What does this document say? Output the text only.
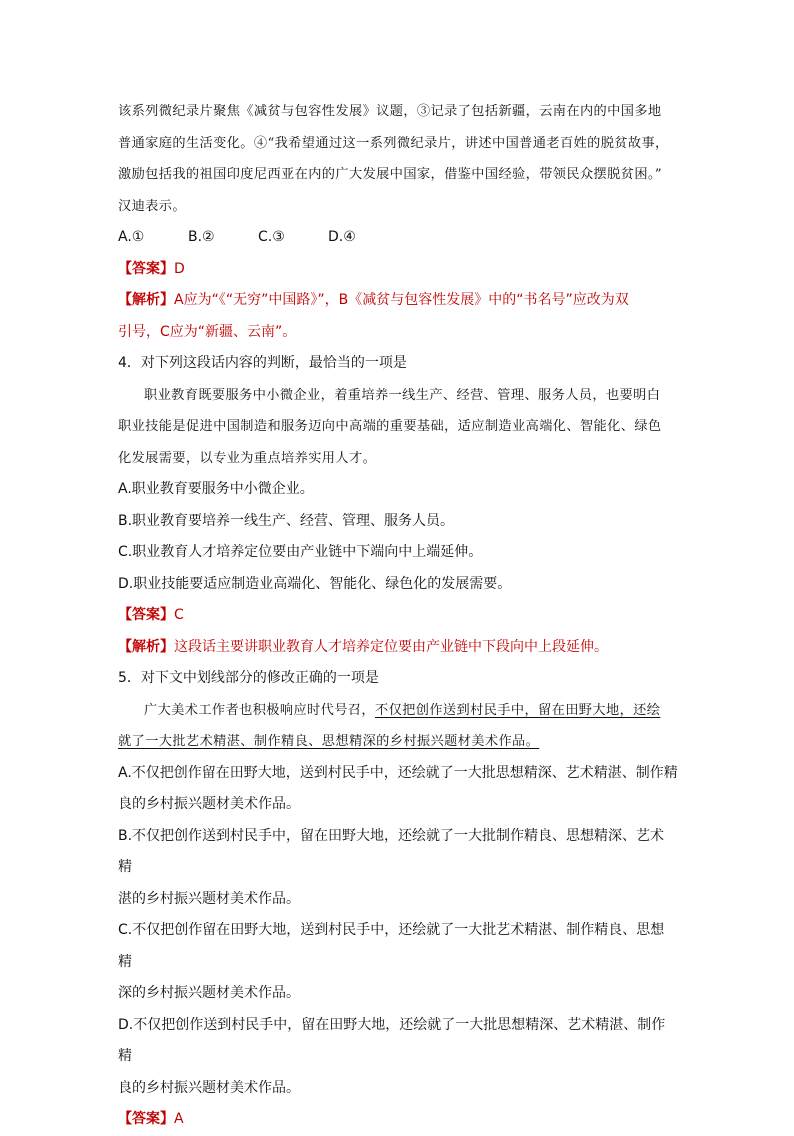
该系列微纪录片聚焦《减贫与包容性发展》议题，③记录了包括新疆，云南在内的中国多地

普通家庭的生活变化。④“我希望通过这一系列微纪录片，讲述中国普通老百姓的脱贫故事，

激励包括我的祖国印度尼西亚在内的广大发展中国家，借鉴中国经验，带领民众摆脱贫困。”

汉迪表示。

A.①	B.②	C.③	D.④

【答案】D

【解析】A应为“《“无穷”中国路》”，B《减贫与包容性发展》中的“书名号”应改为双

引号，C应为“新疆、云南”。

4．对下列这段话内容的判断，最恰当的一项是

职业教育既要服务中小微企业，着重培养一线生产、经营、管理、服务人员，也要明白

职业技能是促进中国制造和服务迈向中高端的重要基础，适应制造业高端化、智能化、绿色

化发展需要，以专业为重点培养实用人才。

A.职业教育要服务中小微企业。

B.职业教育要培养一线生产、经营、管理、服务人员。

C.职业教育人才培养定位要由产业链中下端向中上端延伸。

D.职业技能要适应制造业高端化、智能化、绿色化的发展需要。

【答案】C

【解析】这段话主要讲职业教育人才培养定位要由产业链中下段向中上段延伸。

5．对下文中划线部分的修改正确的一项是

广大美术工作者也积极响应时代号召，不仅把创作送到村民手中，留在田野大地，还绘

就了一大批艺术精湛、制作精良、思想精深的乡村振兴题材美术作品。

A.不仅把创作留在田野大地，送到村民手中，还绘就了一大批思想精深、艺术精湛、制作精

良的乡村振兴题材美术作品。

B.不仅把创作送到村民手中，留在田野大地，还绘就了一大批制作精良、思想精深、艺术精

湛的乡村振兴题材美术作品。

C.不仅把创作留在田野大地，送到村民手中，还绘就了一大批艺术精湛、制作精良、思想精

深的乡村振兴题材美术作品。

D.不仅把创作送到村民手中，留在田野大地，还绘就了一大批思想精深、艺术精湛、制作精

良的乡村振兴题材美术作品。

【答案】A
